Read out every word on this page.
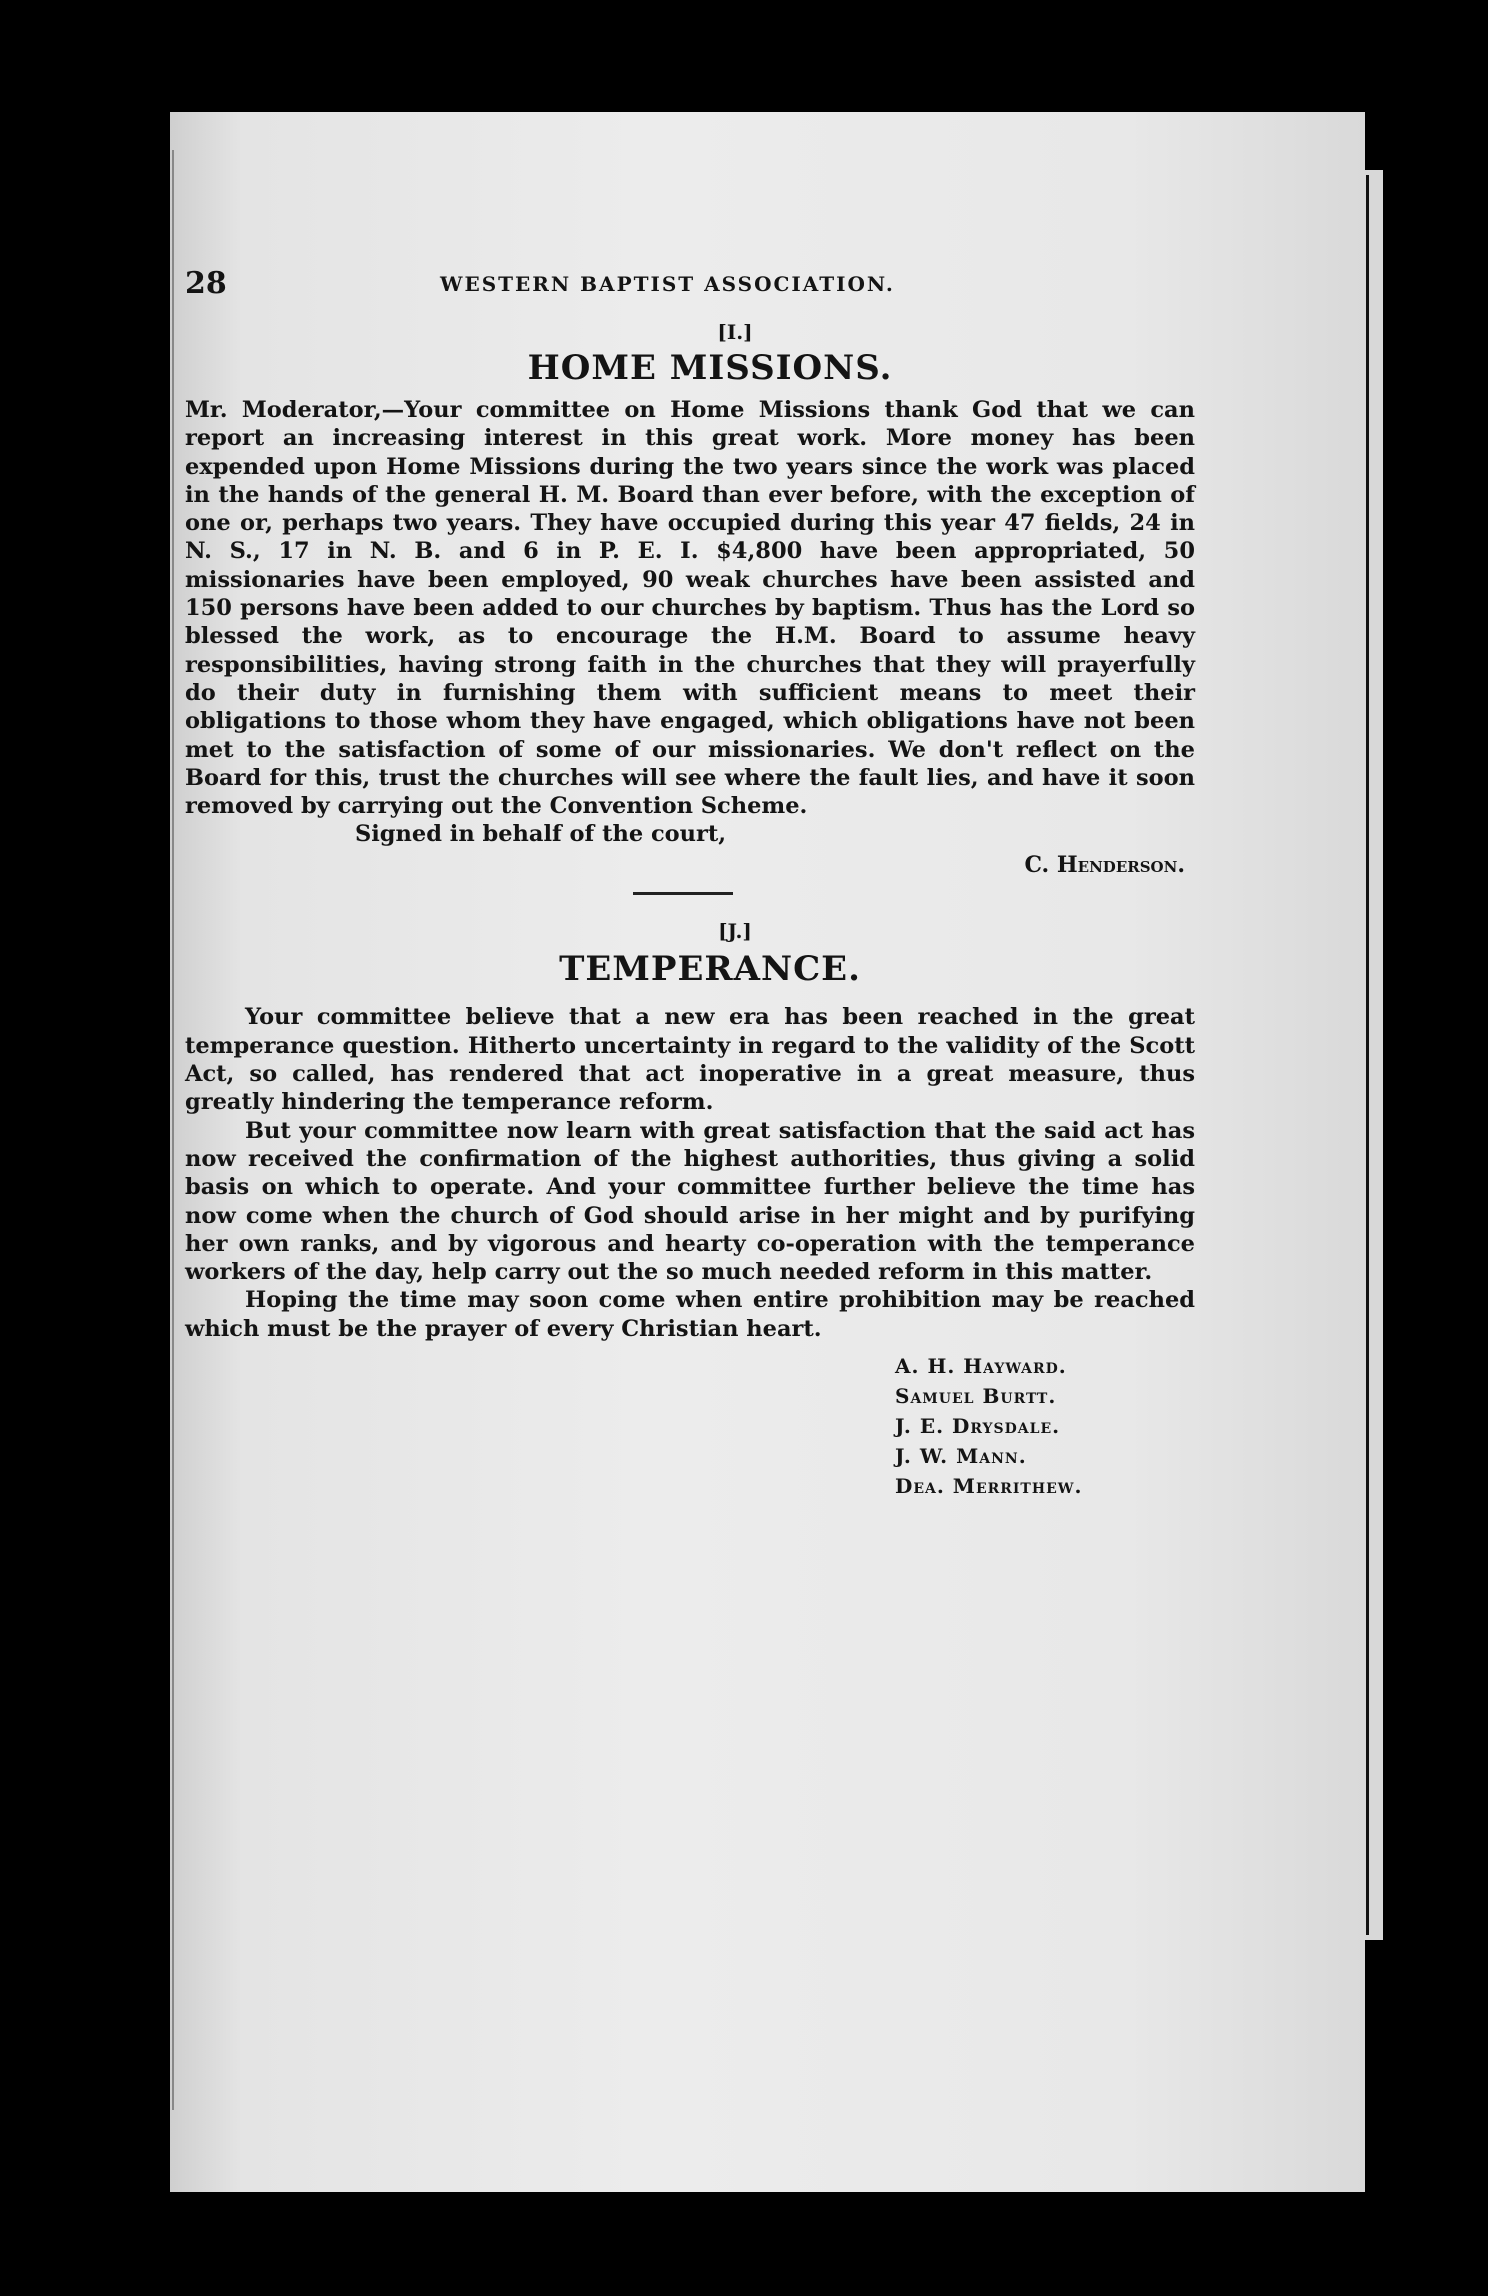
28	WESTERN BAPTIST ASSOCIATION.
[I.]
HOME MISSIONS.

Mr. Moderator,—Your committee on Home Missions thank God that we can report an increasing interest in this great work. More money has been expended upon Home Missions during the two years since the work was placed in the hands of the general H. M. Board than ever before, with the exception of one or, perhaps two years. They have occupied during this year 47 fields, 24 in N. S., 17 in N. B. and 6 in P. E. I. $4,800 have been appropriated, 50 missionaries have been employed, 90 weak churches have been assisted and 150 persons have been added to our churches by baptism. Thus has the Lord so blessed the work, as to encourage the H.M. Board to assume heavy responsibilities, having strong faith in the churches that they will prayerfully do their duty in furnishing them with sufficient means to meet their obligations to those whom they have engaged, which obligations have not been met to the satisfaction of some of our missionaries. We don't reflect on the Board for this, trust the churches will see where the fault lies, and have it soon removed by carrying out the Convention Scheme.

Signed in behalf of the court,
C. Henderson.
[J.]
TEMPERANCE.

Your committee believe that a new era has been reached in the great temperance question. Hitherto uncertainty in regard to the validity of the Scott Act, so called, has rendered that act inoperative in a great measure, thus greatly hindering the temperance reform.

But your committee now learn with great satisfaction that the said act has now received the confirmation of the highest authorities, thus giving a solid basis on which to operate. And your committee further believe the time has now come when the church of God should arise in her might and by purifying her own ranks, and by vigorous and hearty co-operation with the temperance workers of the day, help carry out the so much needed reform in this matter.

Hoping the time may soon come when entire prohibition may be reached which must be the prayer of every Christian heart.

A. H. Hayward.
Samuel Burtt.
J. E. Drysdale.
J. W. Mann.
Dea. Merrithew.
